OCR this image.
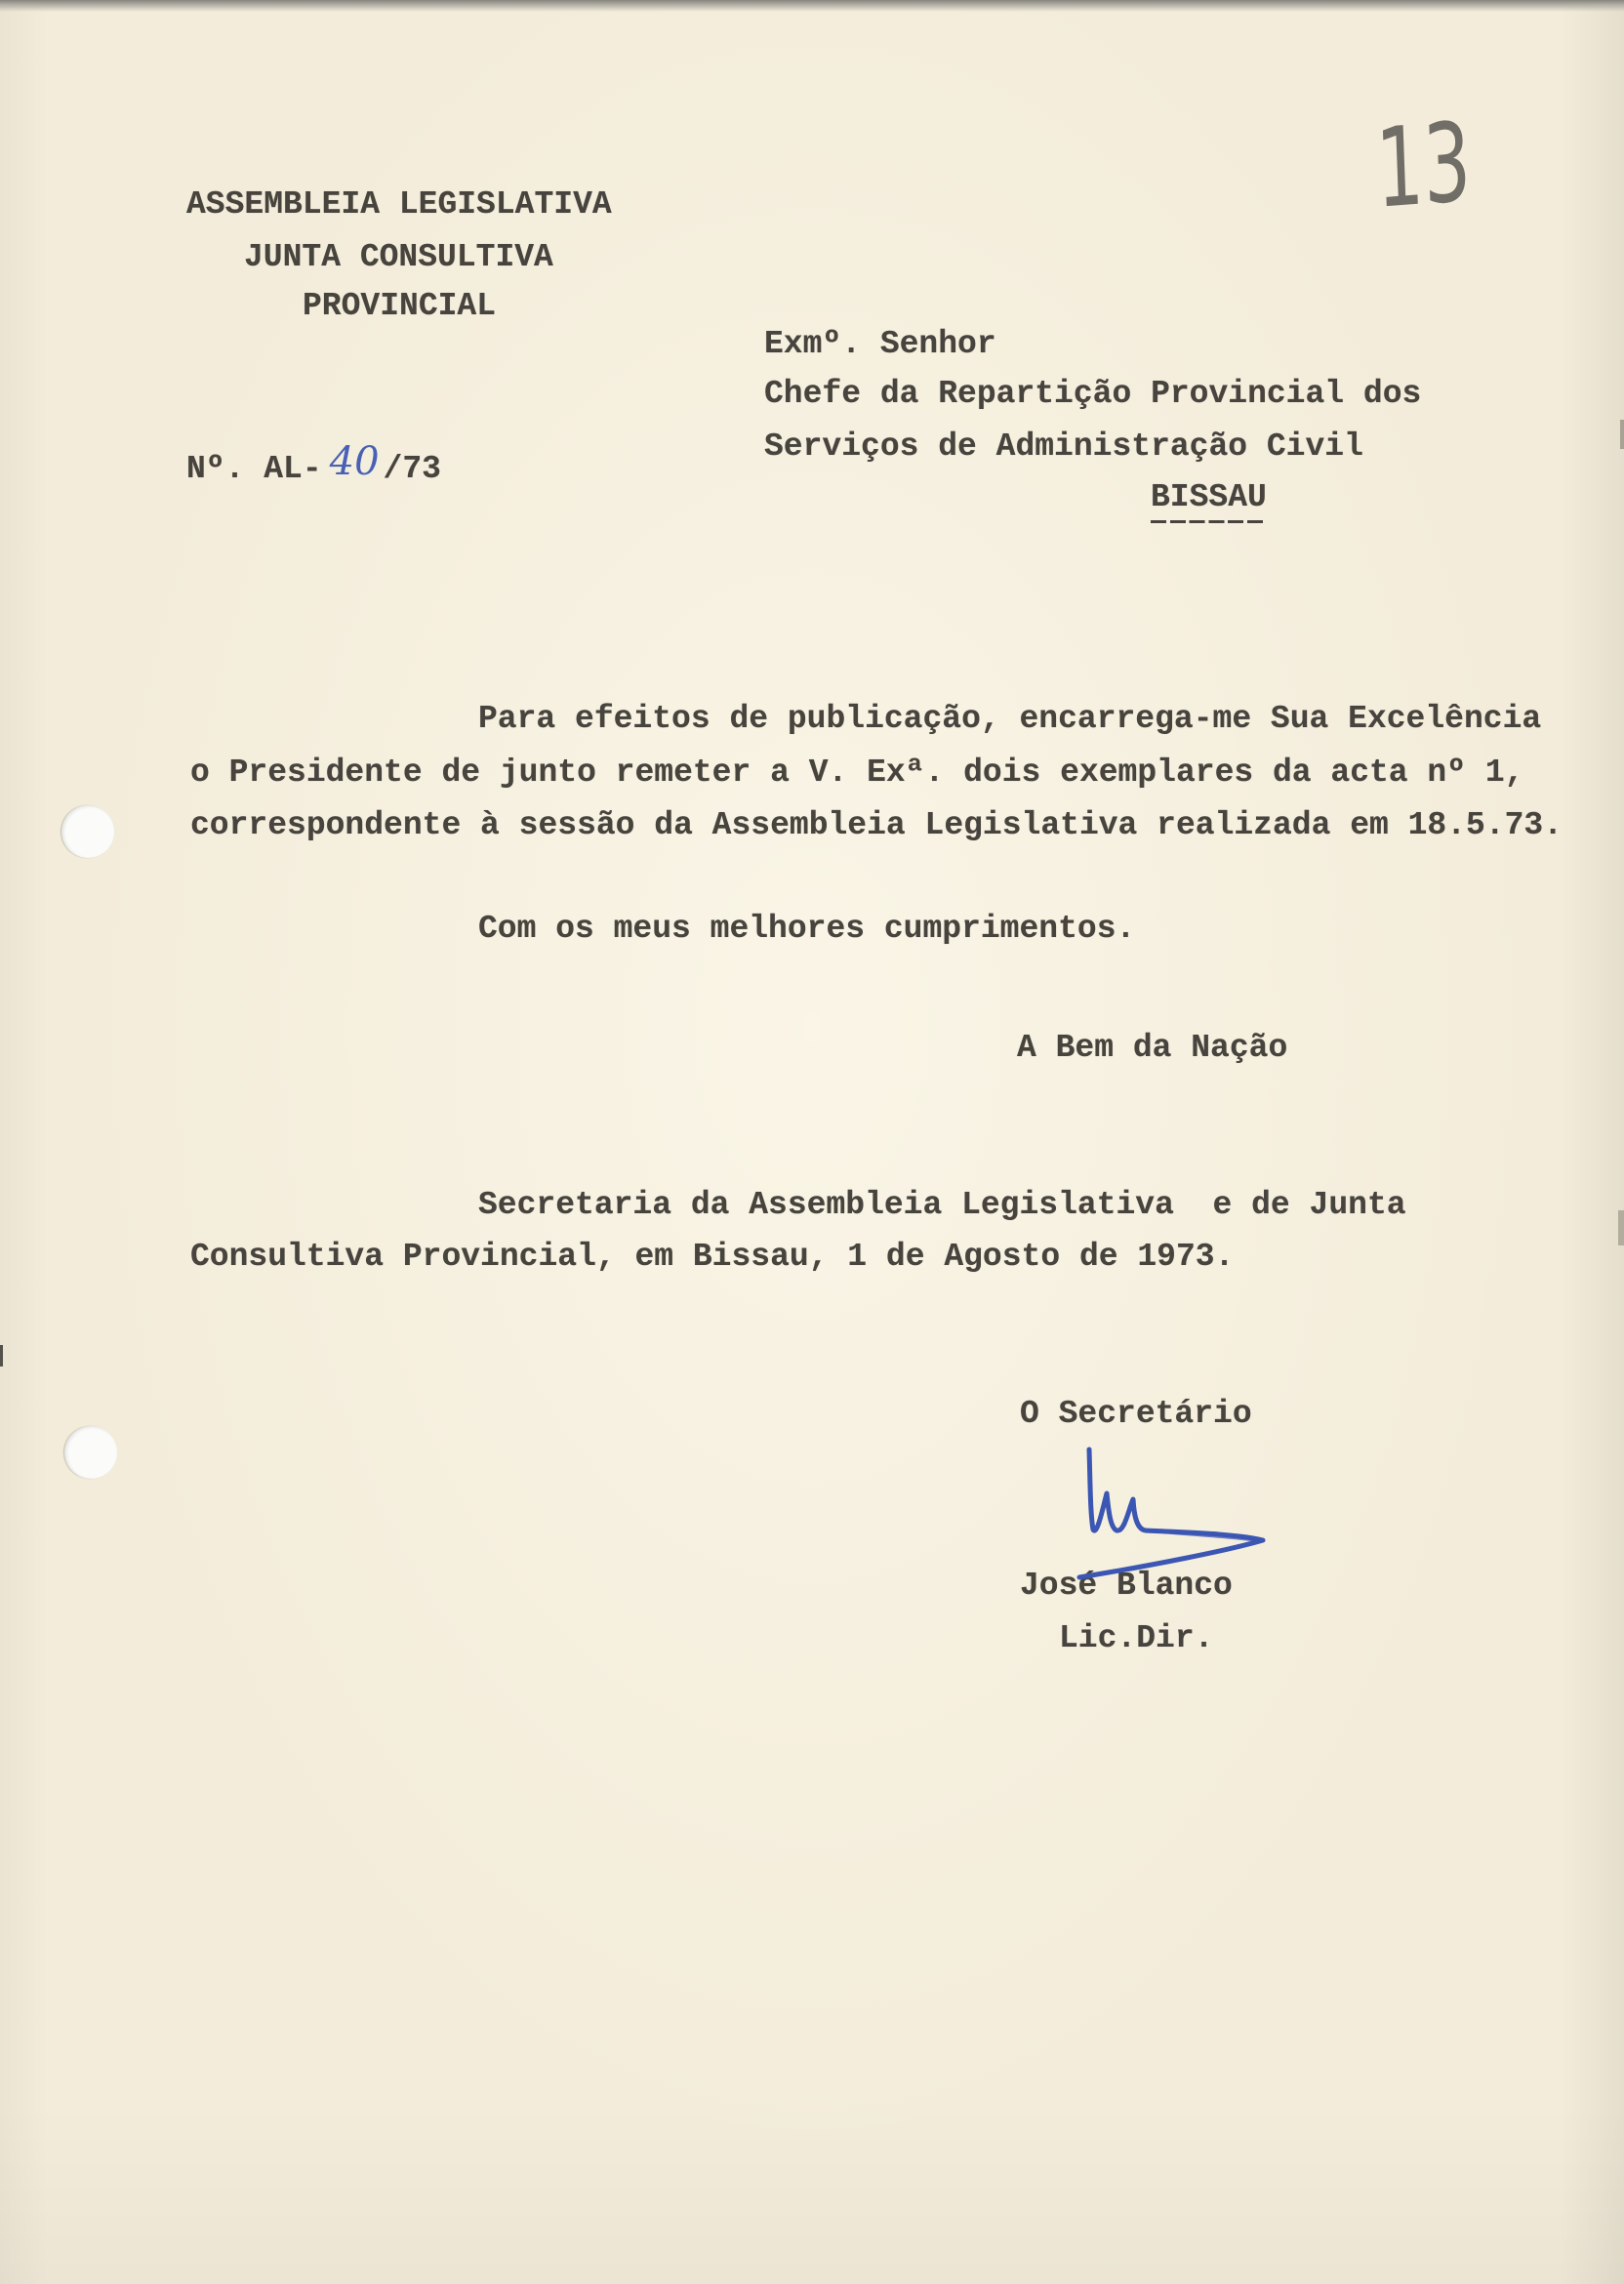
13
ASSEMBLEIA LEGISLATIVA
JUNTA CONSULTIVA
PROVINCIAL
Nº. AL- 40 /73
Exmº. Senhor
Chefe da Repartição Provincial dos
Serviços de Administração Civil
BISSAU
Para efeitos de publicação, encarrega-me Sua Excelência
o Presidente de junto remeter a V. Exª. dois exemplares da acta nº 1,
correspondente à sessão da Assembleia Legislativa realizada em 18.5.73.
Com os meus melhores cumprimentos.
A Bem da Nação
Secretaria da Assembleia Legislativa  e de Junta
Consultiva Provincial, em Bissau, 1 de Agosto de 1973.
O Secretário
José Blanco
Lic.Dir.
